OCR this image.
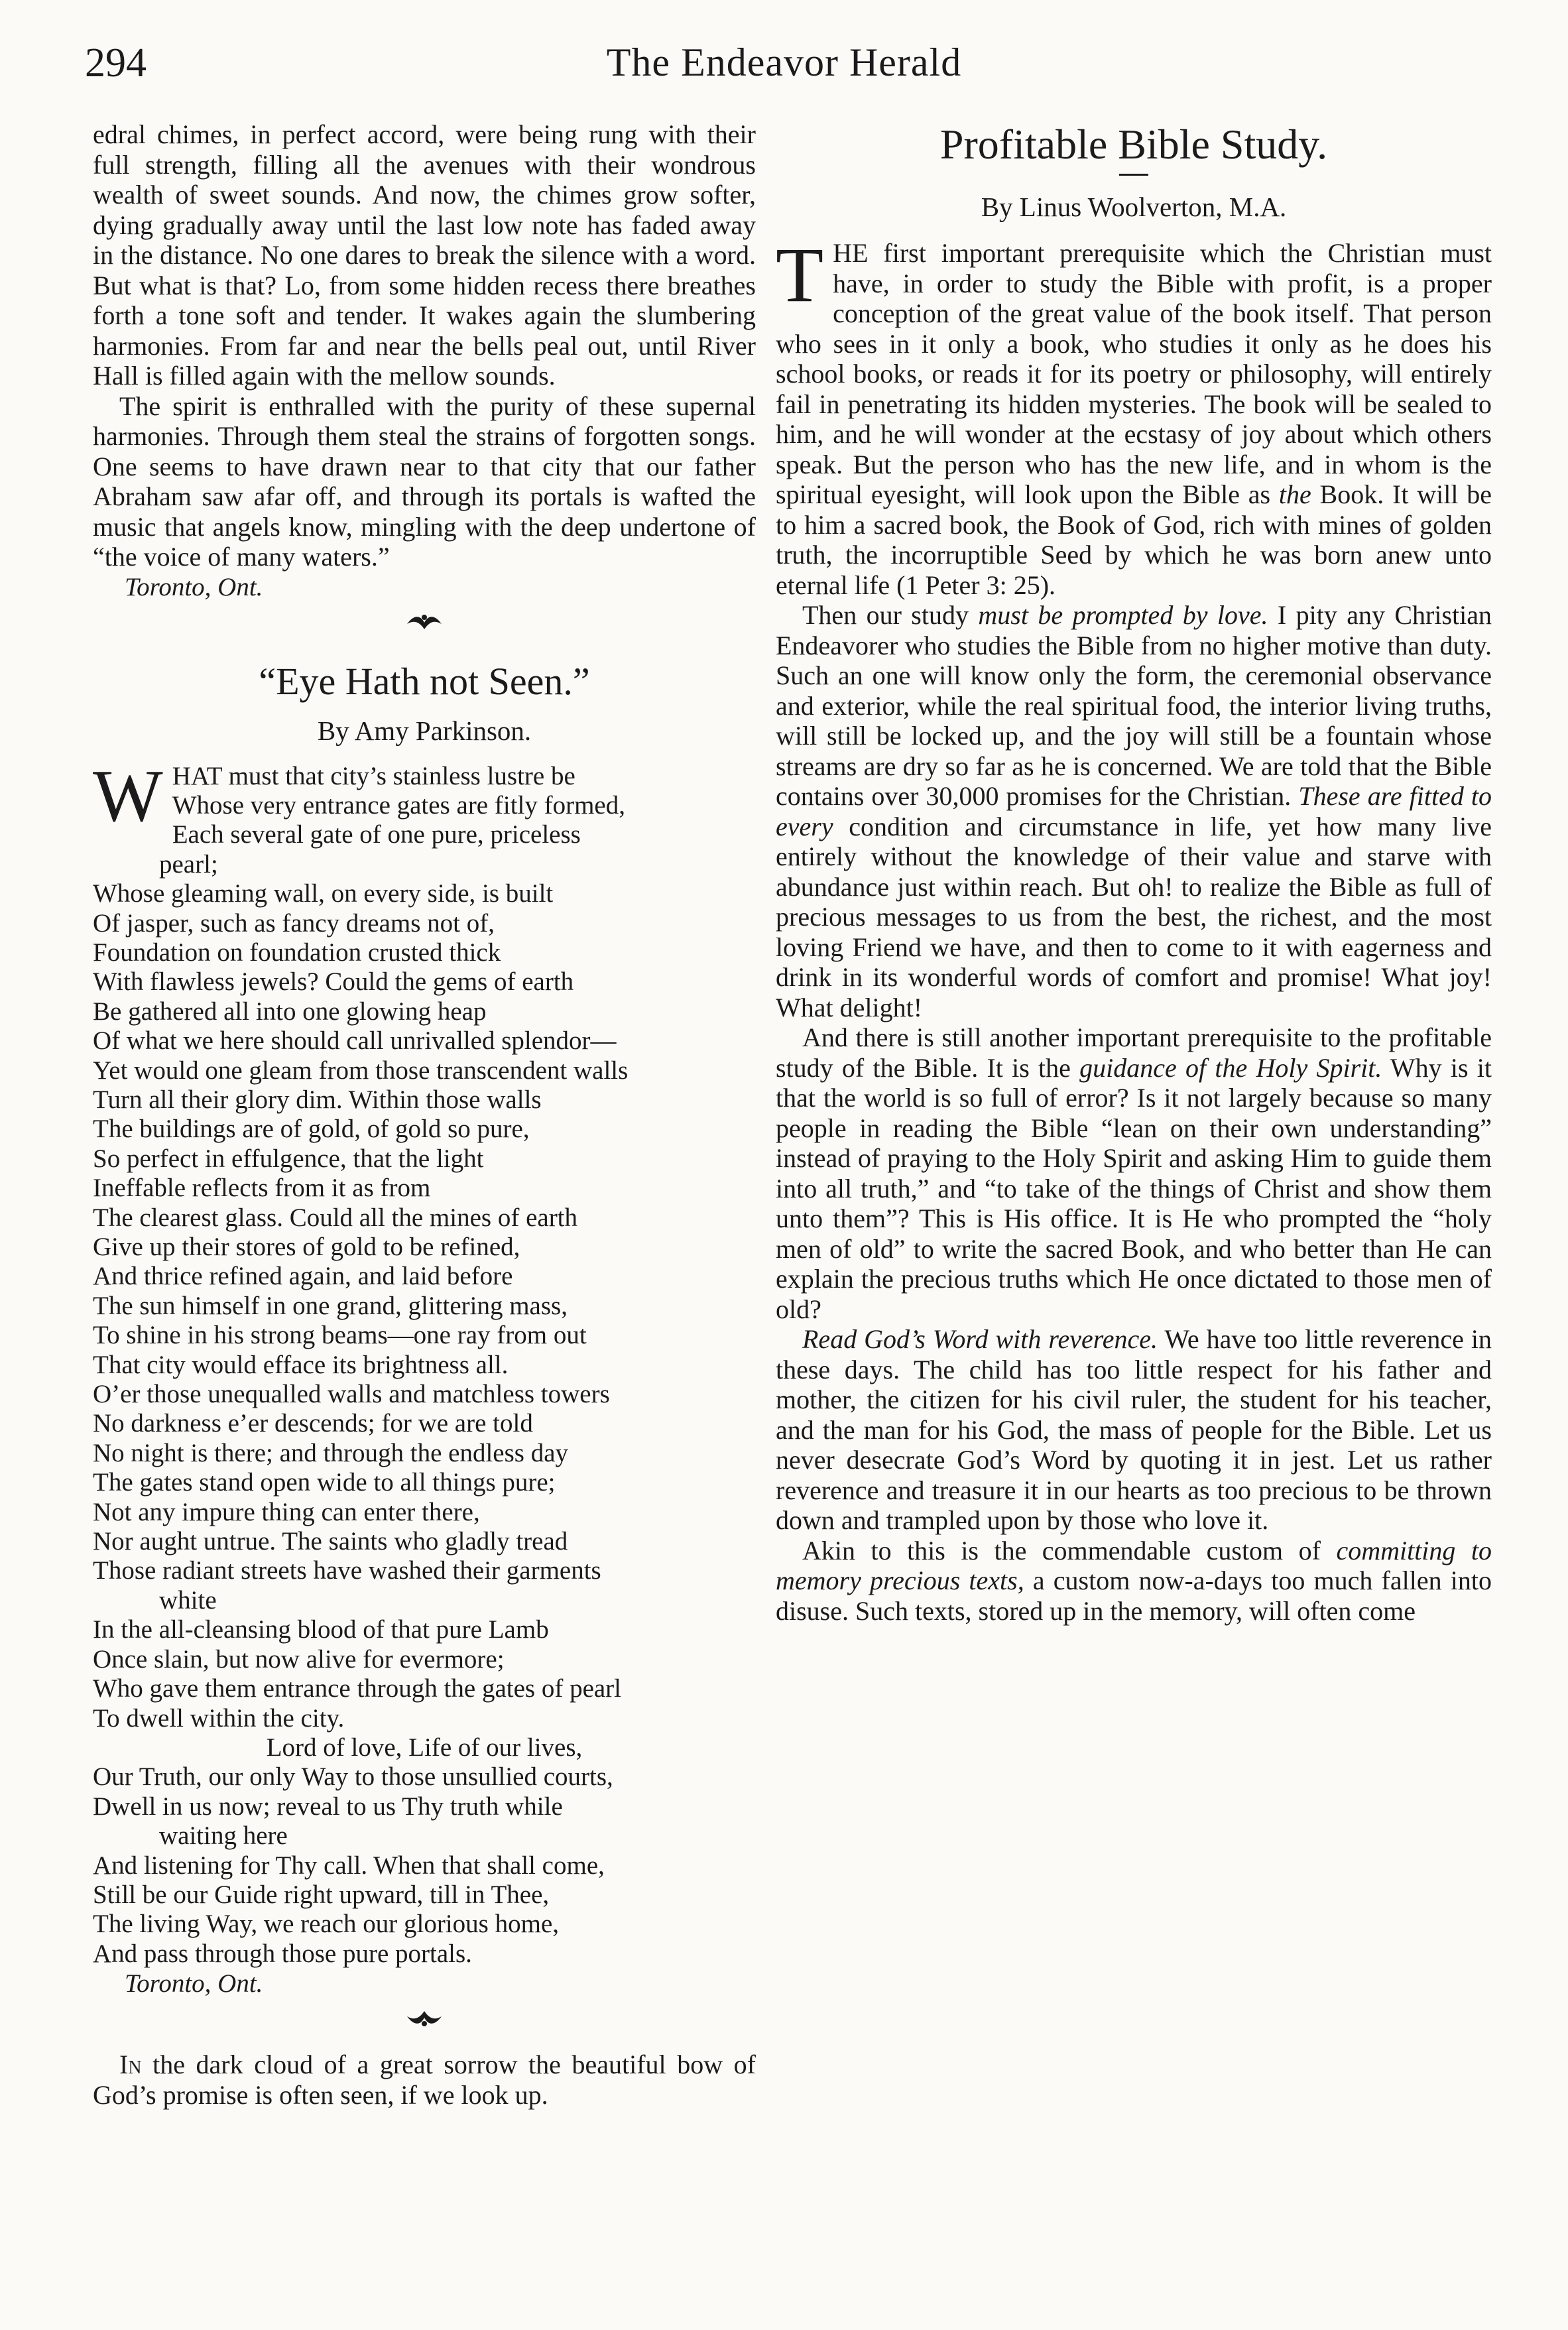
294	The Endeavor Herald

edral chimes, in perfect accord, were being rung with their full strength, filling all the avenues with their wondrous wealth of sweet sounds. And now, the chimes grow softer, dying gradually away until the last low note has faded away in the distance. No one dares to break the silence with a word. But what is that? Lo, from some hidden recess there breathes forth a tone soft and tender. It wakes again the slumbering harmonies. From far and near the bells peal out, until River Hall is filled again with the mellow sounds.

The spirit is enthralled with the purity of these supernal harmonies. Through them steal the strains of forgotten songs. One seems to have drawn near to that city that our father Abraham saw afar off, and through its portals is wafted the music that angels know, mingling with the deep undertone of “the voice of many waters.”

Toronto, Ont.
“Eye Hath not Seen.”
By Amy Parkinson.
W HAT must that city’s stainless lustre be
Whose very entrance gates are fitly formed,
Each several gate of one pure, priceless
pearl;
Whose gleaming wall, on every side, is built
Of jasper, such as fancy dreams not of,
Foundation on foundation crusted thick
With flawless jewels? Could the gems of earth
Be gathered all into one glowing heap
Of what we here should call unrivalled splendor—
Yet would one gleam from those transcendent walls
Turn all their glory dim. Within those walls
The buildings are of gold, of gold so pure,
So perfect in effulgence, that the light
Ineffable reflects from it as from
The clearest glass. Could all the mines of earth
Give up their stores of gold to be refined,
And thrice refined again, and laid before
The sun himself in one grand, glittering mass,
To shine in his strong beams—one ray from out
That city would efface its brightness all.
O’er those unequalled walls and matchless towers
No darkness e’er descends; for we are told
No night is there; and through the endless day
The gates stand open wide to all things pure;
Not any impure thing can enter there,
Nor aught untrue. The saints who gladly tread
Those radiant streets have washed their garments
white
In the all-cleansing blood of that pure Lamb
Once slain, but now alive for evermore;
Who gave them entrance through the gates of pearl
To dwell within the city.
Lord of love, Life of our lives,
Our Truth, our only Way to those unsullied courts,
Dwell in us now; reveal to us Thy truth while
waiting here
And listening for Thy call. When that shall come,
Still be our Guide right upward, till in Thee,
The living Way, we reach our glorious home,
And pass through those pure portals.
Toronto, Ont.

In the dark cloud of a great sorrow the beautiful bow of God’s promise is often seen, if we look up.

Profitable Bible Study.
By Linus Woolverton, M.A.

THE first important prerequisite which the Christian must have, in order to study the Bible with profit, is a proper conception of the great value of the book itself. That person who sees in it only a book, who studies it only as he does his school books, or reads it for its poetry or philosophy, will entirely fail in penetrating its hidden mysteries. The book will be sealed to him, and he will wonder at the ecstasy of joy about which others speak. But the person who has the new life, and in whom is the spiritual eyesight, will look upon the Bible as the Book. It will be to him a sacred book, the Book of God, rich with mines of golden truth, the incorruptible Seed by which he was born anew unto eternal life (1 Peter 3: 25).

Then our study must be prompted by love. I pity any Christian Endeavorer who studies the Bible from no higher motive than duty. Such an one will know only the form, the ceremonial observance and exterior, while the real spiritual food, the interior living truths, will still be locked up, and the joy will still be a fountain whose streams are dry so far as he is concerned. We are told that the Bible contains over 30,000 promises for the Christian. These are fitted to every condition and circumstance in life, yet how many live entirely without the knowledge of their value and starve with abundance just within reach. But oh! to realize the Bible as full of precious messages to us from the best, the richest, and the most loving Friend we have, and then to come to it with eagerness and drink in its wonderful words of comfort and promise! What joy! What delight!

And there is still another important prerequisite to the profitable study of the Bible. It is the guidance of the Holy Spirit. Why is it that the world is so full of error? Is it not largely because so many people in reading the Bible “lean on their own understanding” instead of praying to the Holy Spirit and asking Him to guide them into all truth,” and “to take of the things of Christ and show them unto them”? This is His office. It is He who prompted the “holy men of old” to write the sacred Book, and who better than He can explain the precious truths which He once dictated to those men of old?

Read God’s Word with reverence. We have too little reverence in these days. The child has too little respect for his father and mother, the citizen for his civil ruler, the student for his teacher, and the man for his God, the mass of people for the Bible. Let us never desecrate God’s Word by quoting it in jest. Let us rather reverence and treasure it in our hearts as too precious to be thrown down and trampled upon by those who love it.

Akin to this is the commendable custom of committing to memory precious texts, a custom now-a-days too much fallen into disuse. Such texts, stored up in the memory, will often come
